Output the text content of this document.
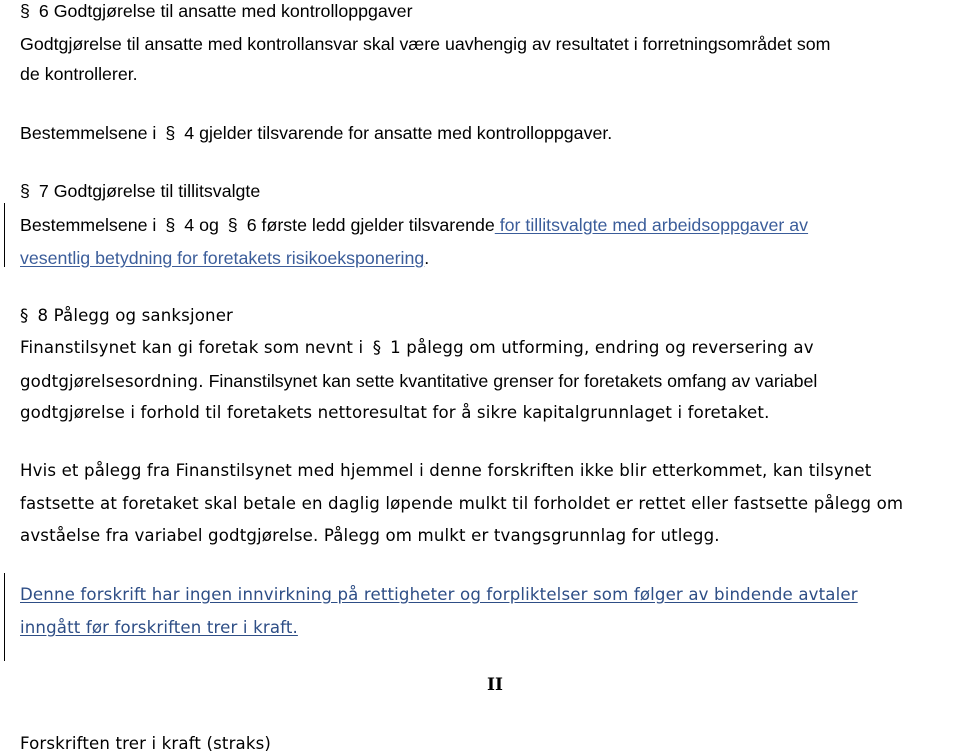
§ 6 Godtgjørelse til ansatte med kontrolloppgaver
Godtgjørelse til ansatte med kontrollansvar skal være uavhengig av resultatet i forretningsområdet som
de kontrollerer.
Bestemmelsene i § 4 gjelder tilsvarende for ansatte med kontrolloppgaver.
§ 7 Godtgjørelse til tillitsvalgte
Bestemmelsene i § 4 og § 6 første ledd gjelder tilsvarende for tillitsvalgte med arbeidsoppgaver av
vesentlig betydning for foretakets risikoeksponering.
§ 8 Pålegg og sanksjoner
Finanstilsynet kan gi foretak som nevnt i § 1 pålegg om utforming, endring og reversering av
godtgjørelsesordning. Finanstilsynet kan sette kvantitative grenser for foretakets omfang av variabel
godtgjørelse i forhold til foretakets nettoresultat for å sikre kapitalgrunnlaget i foretaket.
Hvis et pålegg fra Finanstilsynet med hjemmel i denne forskriften ikke blir etterkommet, kan tilsynet
fastsette at foretaket skal betale en daglig løpende mulkt til forholdet er rettet eller fastsette pålegg om
avståelse fra variabel godtgjørelse. Pålegg om mulkt er tvangsgrunnlag for utlegg.
Denne forskrift har ingen innvirkning på rettigheter og forpliktelser som følger av bindende avtaler
inngått før forskriften trer i kraft.
II
Forskriften trer i kraft (straks)
